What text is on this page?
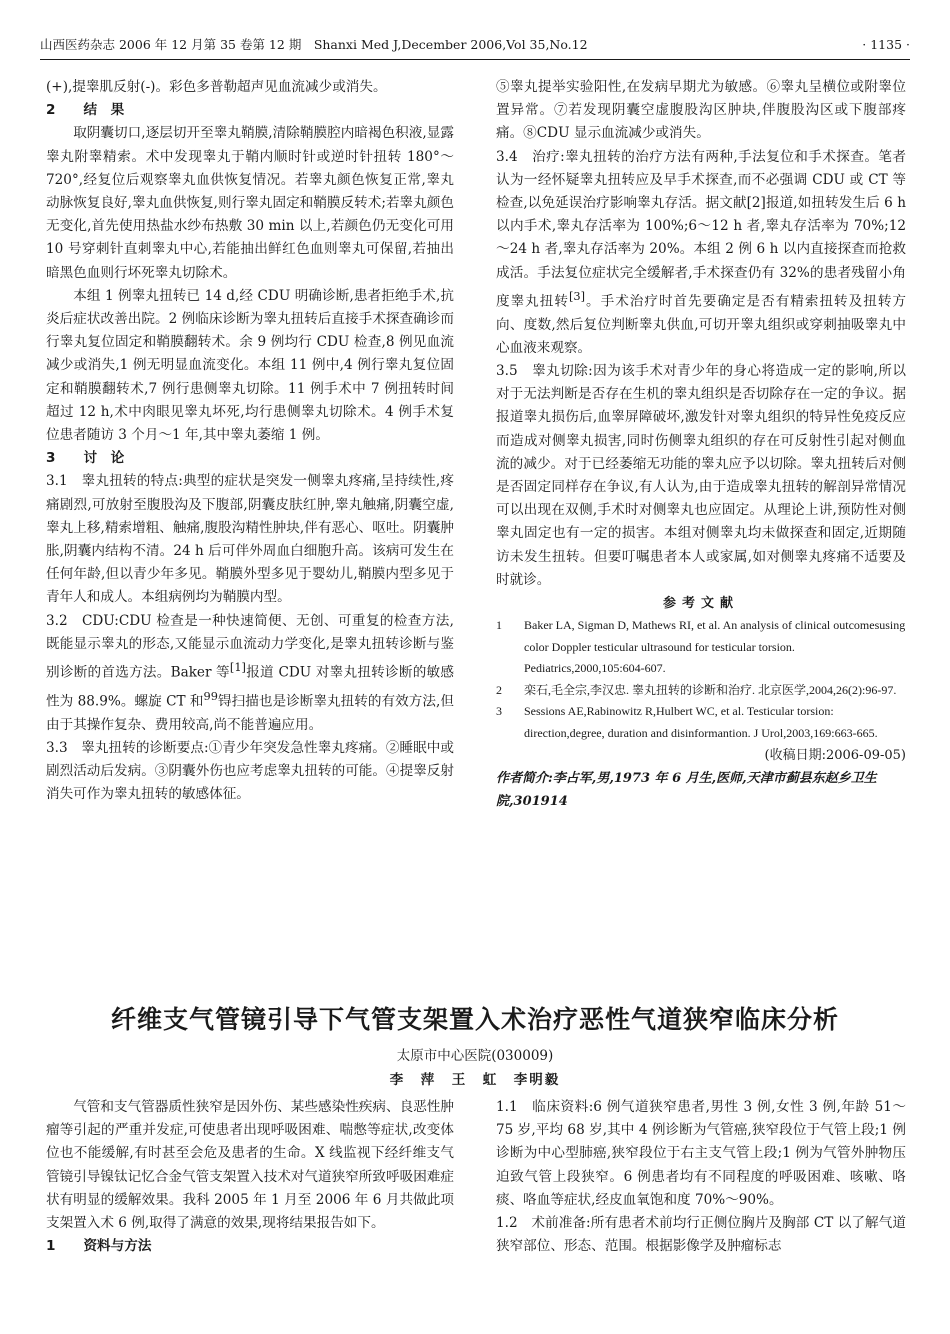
山西医药杂志 2006 年 12 月第 35 卷第 12 期　Shanxi Med J,December 2006,Vol 35,No.12	· 1135 ·

(+),提睾肌反射(-)。彩色多普勒超声见血流减少或消失。

2 结　果

取阴囊切口,逐层切开至睾丸鞘膜,清除鞘膜腔内暗褐色积液,显露睾丸附睾精索。术中发现睾丸于鞘内顺时针或逆时针扭转 180°～720°,经复位后观察睾丸血供恢复情况。若睾丸颜色恢复正常,睾丸动脉恢复良好,睾丸血供恢复,则行睾丸固定和鞘膜反转术;若睾丸颜色无变化,首先使用热盐水纱布热敷 30 min 以上,若颜色仍无变化可用 10 号穿刺针直刺睾丸中心,若能抽出鲜红色血则睾丸可保留,若抽出暗黑色血则行坏死睾丸切除术。

本组 1 例睾丸扭转已 14 d,经 CDU 明确诊断,患者拒绝手术,抗炎后症状改善出院。2 例临床诊断为睾丸扭转后直接手术探查确诊而行睾丸复位固定和鞘膜翻转术。余 9 例均行 CDU 检查,8 例见血流减少或消失,1 例无明显血流变化。本组 11 例中,4 例行睾丸复位固定和鞘膜翻转术,7 例行患侧睾丸切除。11 例手术中 7 例扭转时间超过 12 h,术中肉眼见睾丸坏死,均行患侧睾丸切除术。4 例手术复位患者随访 3 个月～1 年,其中睾丸萎缩 1 例。

3 讨　论

3.1　睾丸扭转的特点:典型的症状是突发一侧睾丸疼痛,呈持续性,疼痛剧烈,可放射至腹股沟及下腹部,阴囊皮肤红肿,睾丸触痛,阴囊空虚,睾丸上移,精索增粗、触痛,腹股沟精性肿块,伴有恶心、呕吐。阴囊肿胀,阴囊内结构不清。24 h 后可伴外周血白细胞升高。该病可发生在任何年龄,但以青少年多见。鞘膜外型多见于婴幼儿,鞘膜内型多见于青年人和成人。本组病例均为鞘膜内型。

3.2　CDU:CDU 检查是一种快速简便、无创、可重复的检查方法,既能显示睾丸的形态,又能显示血流动力学变化,是睾丸扭转诊断与鉴别诊断的首选方法。Baker 等[1]报道 CDU 对睾丸扭转诊断的敏感性为 88.9%。螺旋 CT 和$^{99}$锝扫描也是诊断睾丸扭转的有效方法,但由于其操作复杂、费用较高,尚不能普遍应用。

3.3　睾丸扭转的诊断要点:①青少年突发急性睾丸疼痛。②睡眠中或剧烈活动后发病。③阴囊外伤也应考虑睾丸扭转的可能。④提睾反射消失可作为睾丸扭转的敏感体征。

⑤睾丸提举实验阳性,在发病早期尤为敏感。⑥睾丸呈横位或附睾位置异常。⑦若发现阴囊空虚腹股沟区肿块,伴腹股沟区或下腹部疼痛。⑧CDU 显示血流减少或消失。

3.4　治疗:睾丸扭转的治疗方法有两种,手法复位和手术探查。笔者认为一经怀疑睾丸扭转应及早手术探查,而不必强调 CDU 或 CT 等检查,以免延误治疗影响睾丸存活。据文献[2]报道,如扭转发生后 6 h 以内手术,睾丸存活率为 100%;6～12 h 者,睾丸存活率为 70%;12～24 h 者,睾丸存活率为 20%。本组 2 例 6 h 以内直接探查而抢救成活。手法复位症状完全缓解者,手术探查仍有 32%的患者残留小角度睾丸扭转[3]。手术治疗时首先要确定是否有精索扭转及扭转方向、度数,然后复位判断睾丸供血,可切开睾丸组织或穿刺抽吸睾丸中心血液来观察。

3.5　睾丸切除:因为该手术对青少年的身心将造成一定的影响,所以对于无法判断是否存在生机的睾丸组织是否切除存在一定的争议。据报道睾丸损伤后,血睾屏障破坏,激发针对睾丸组织的特异性免疫反应而造成对侧睾丸损害,同时伤侧睾丸组织的存在可反射性引起对侧血流的减少。对于已经萎缩无功能的睾丸应予以切除。睾丸扭转后对侧是否固定同样存在争议,有人认为,由于造成睾丸扭转的解剖异常情况可以出现在双侧,手术时对侧睾丸也应固定。从理论上讲,预防性对侧睾丸固定也有一定的损害。本组对侧睾丸均未做探查和固定,近期随访未发生扭转。但要叮嘱患者本人或家属,如对侧睾丸疼痛不适要及时就诊。

参考文献

1 Baker LA, Sigman D, Mathews RI, et al. An analysis of clinical outcomesusing color Doppler testicular ultrasound for testicular torsion. Pediatrics,2000,105:604-607.

2 栾石,毛全宗,李汉忠. 睾丸扭转的诊断和治疗. 北京医学,2004,26(2):96-97.

3 Sessions AE,Rabinowitz R,Hulbert WC, et al. Testicular torsion: direction,degree, duration and disinformantion. J Urol,2003,169:663-665.

(收稿日期:2006-09-05)

作者简介:李占军,男,1973 年 6 月生,医师,天津市蓟县东赵乡卫生院,301914

纤维支气管镜引导下气管支架置入术治疗恶性气道狭窄临床分析
太原市中心医院(030009)
李　萍　王　虹　李明毅

气管和支气管器质性狭窄是因外伤、某些感染性疾病、良恶性肿瘤等引起的严重并发症,可使患者出现呼吸困难、喘憋等症状,改变体位也不能缓解,有时甚至会危及患者的生命。X 线监视下经纤维支气管镜引导镍钛记忆合金气管支架置入技术对气道狭窄所致呼吸困难症状有明显的缓解效果。我科 2005 年 1 月至 2006 年 6 月共做此项支架置入术 6 例,取得了满意的效果,现将结果报告如下。

1 资料与方法

1.1　临床资料:6 例气道狭窄患者,男性 3 例,女性 3 例,年龄 51～75 岁,平均 68 岁,其中 4 例诊断为气管癌,狭窄段位于气管上段;1 例诊断为中心型肺癌,狭窄段位于右主支气管上段;1 例为气管外肿物压迫致气管上段狭窄。6 例患者均有不同程度的呼吸困难、咳嗽、咯痰、咯血等症状,经皮血氧饱和度 70%～90%。

1.2　术前准备:所有患者术前均行正侧位胸片及胸部 CT 以了解气道狭窄部位、形态、范围。根据影像学及肿瘤标志
